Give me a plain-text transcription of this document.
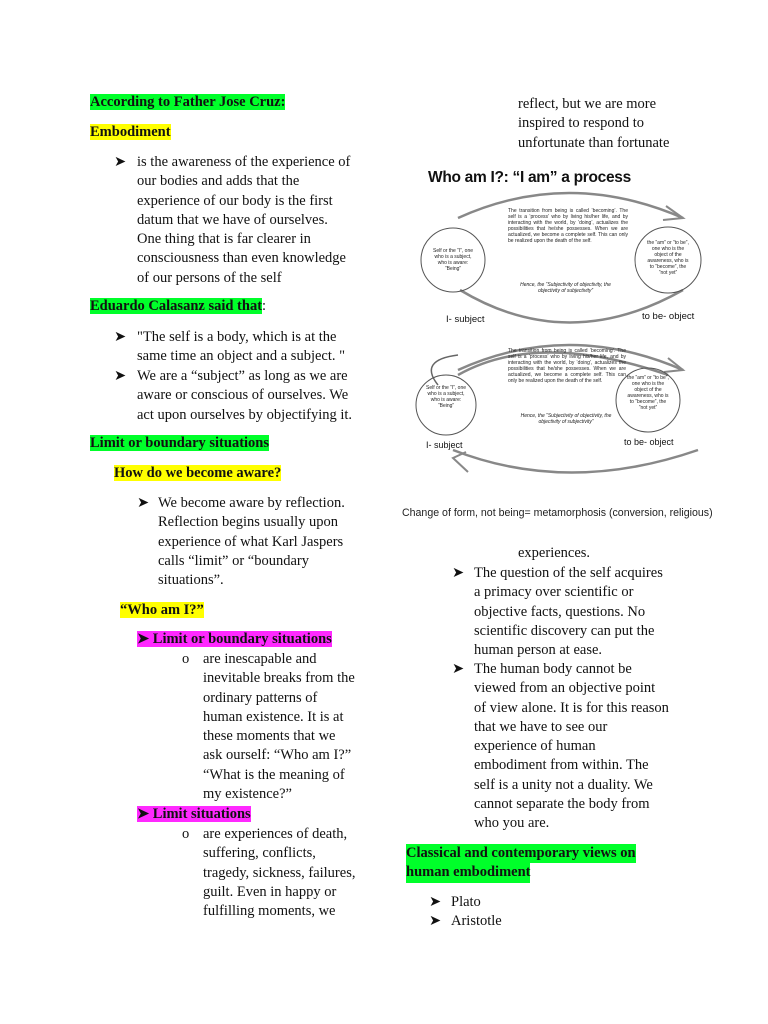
According to Father Jose Cruz:
Embodiment
➤ is the awareness of the experience of
our bodies and adds that the
experience of our body is the first
datum that we have of ourselves.
One thing that is far clearer in
consciousness than even knowledge
of our persons of the self
Eduardo Calasanz said that:
➤ "The self is a body, which is at the
same time an object and a subject. "
➤ We are a “subject” as long as we are
aware or conscious of ourselves. We
act upon ourselves by objectifying it.
Limit or boundary situations
How do we become aware?
➤ We become aware by reflection.
Reflection begins usually upon
experience of what Karl Jaspers
calls “limit” or “boundary
situations”.
“Who am I?”
➤ Limit or boundary situations
o are inescapable and
inevitable breaks from the
ordinary patterns of
human existence. It is at
these moments that we
ask ourself: “Who am I?”
“What is the meaning of
my existence?”
➤ Limit situations
o are experiences of death,
suffering, conflicts,
tragedy, sickness, failures,
guilt. Even in happy or
fulfilling moments, we
reflect, but we are more
inspired to respond to
unfortunate than fortunate
Who am I?: “I am” a process
The transition from being is called ‘becoming’. The self is a ‘process’ who by living his/her life, and by interacting with the world, by ‘doing’, actualizes the possibilities that he/she possesses. When we are actualized, we become a complete self. This can only be realized upon the death of the self.
Hence, the “Subjectivity of objectivity, the objectivity of subjectivity”
Self or the “I”, one who is a subject, who is aware: “Being”
the “am” or “to be”, one who is the object of the awareness, who is to “become”, the “not yet”
I- subject	to be- object
The transition from being is called ‘becoming’. The self is a ‘process’ who by living his/her life, and by interacting with the world, by ‘doing’, actualizes the possibilities that he/she possesses. When we are actualized, we become a complete self. This can only be realized upon the death of the self.
Hence, the “Subjectivity of objectivity, the objectivity of subjectivity”
Self or the “I”, one who is a subject, who is aware: “Being”
the “am” or “to be”, one who is the object of the awareness, who is to “become”, the “not yet”
I- subject	to be- object
Change of form, not being= metamorphosis (conversion, religious)
experiences.
➤ The question of the self acquires
a primacy over scientific or
objective facts, questions. No
scientific discovery can put the
human person at ease.
➤ The human body cannot be
viewed from an objective point
of view alone. It is for this reason
that we have to see our
experience of human
embodiment from within. The
self is a unity not a duality. We
cannot separate the body from
who you are.
Classical and contemporary views on
human embodiment
➤ Plato
➤ Aristotle
